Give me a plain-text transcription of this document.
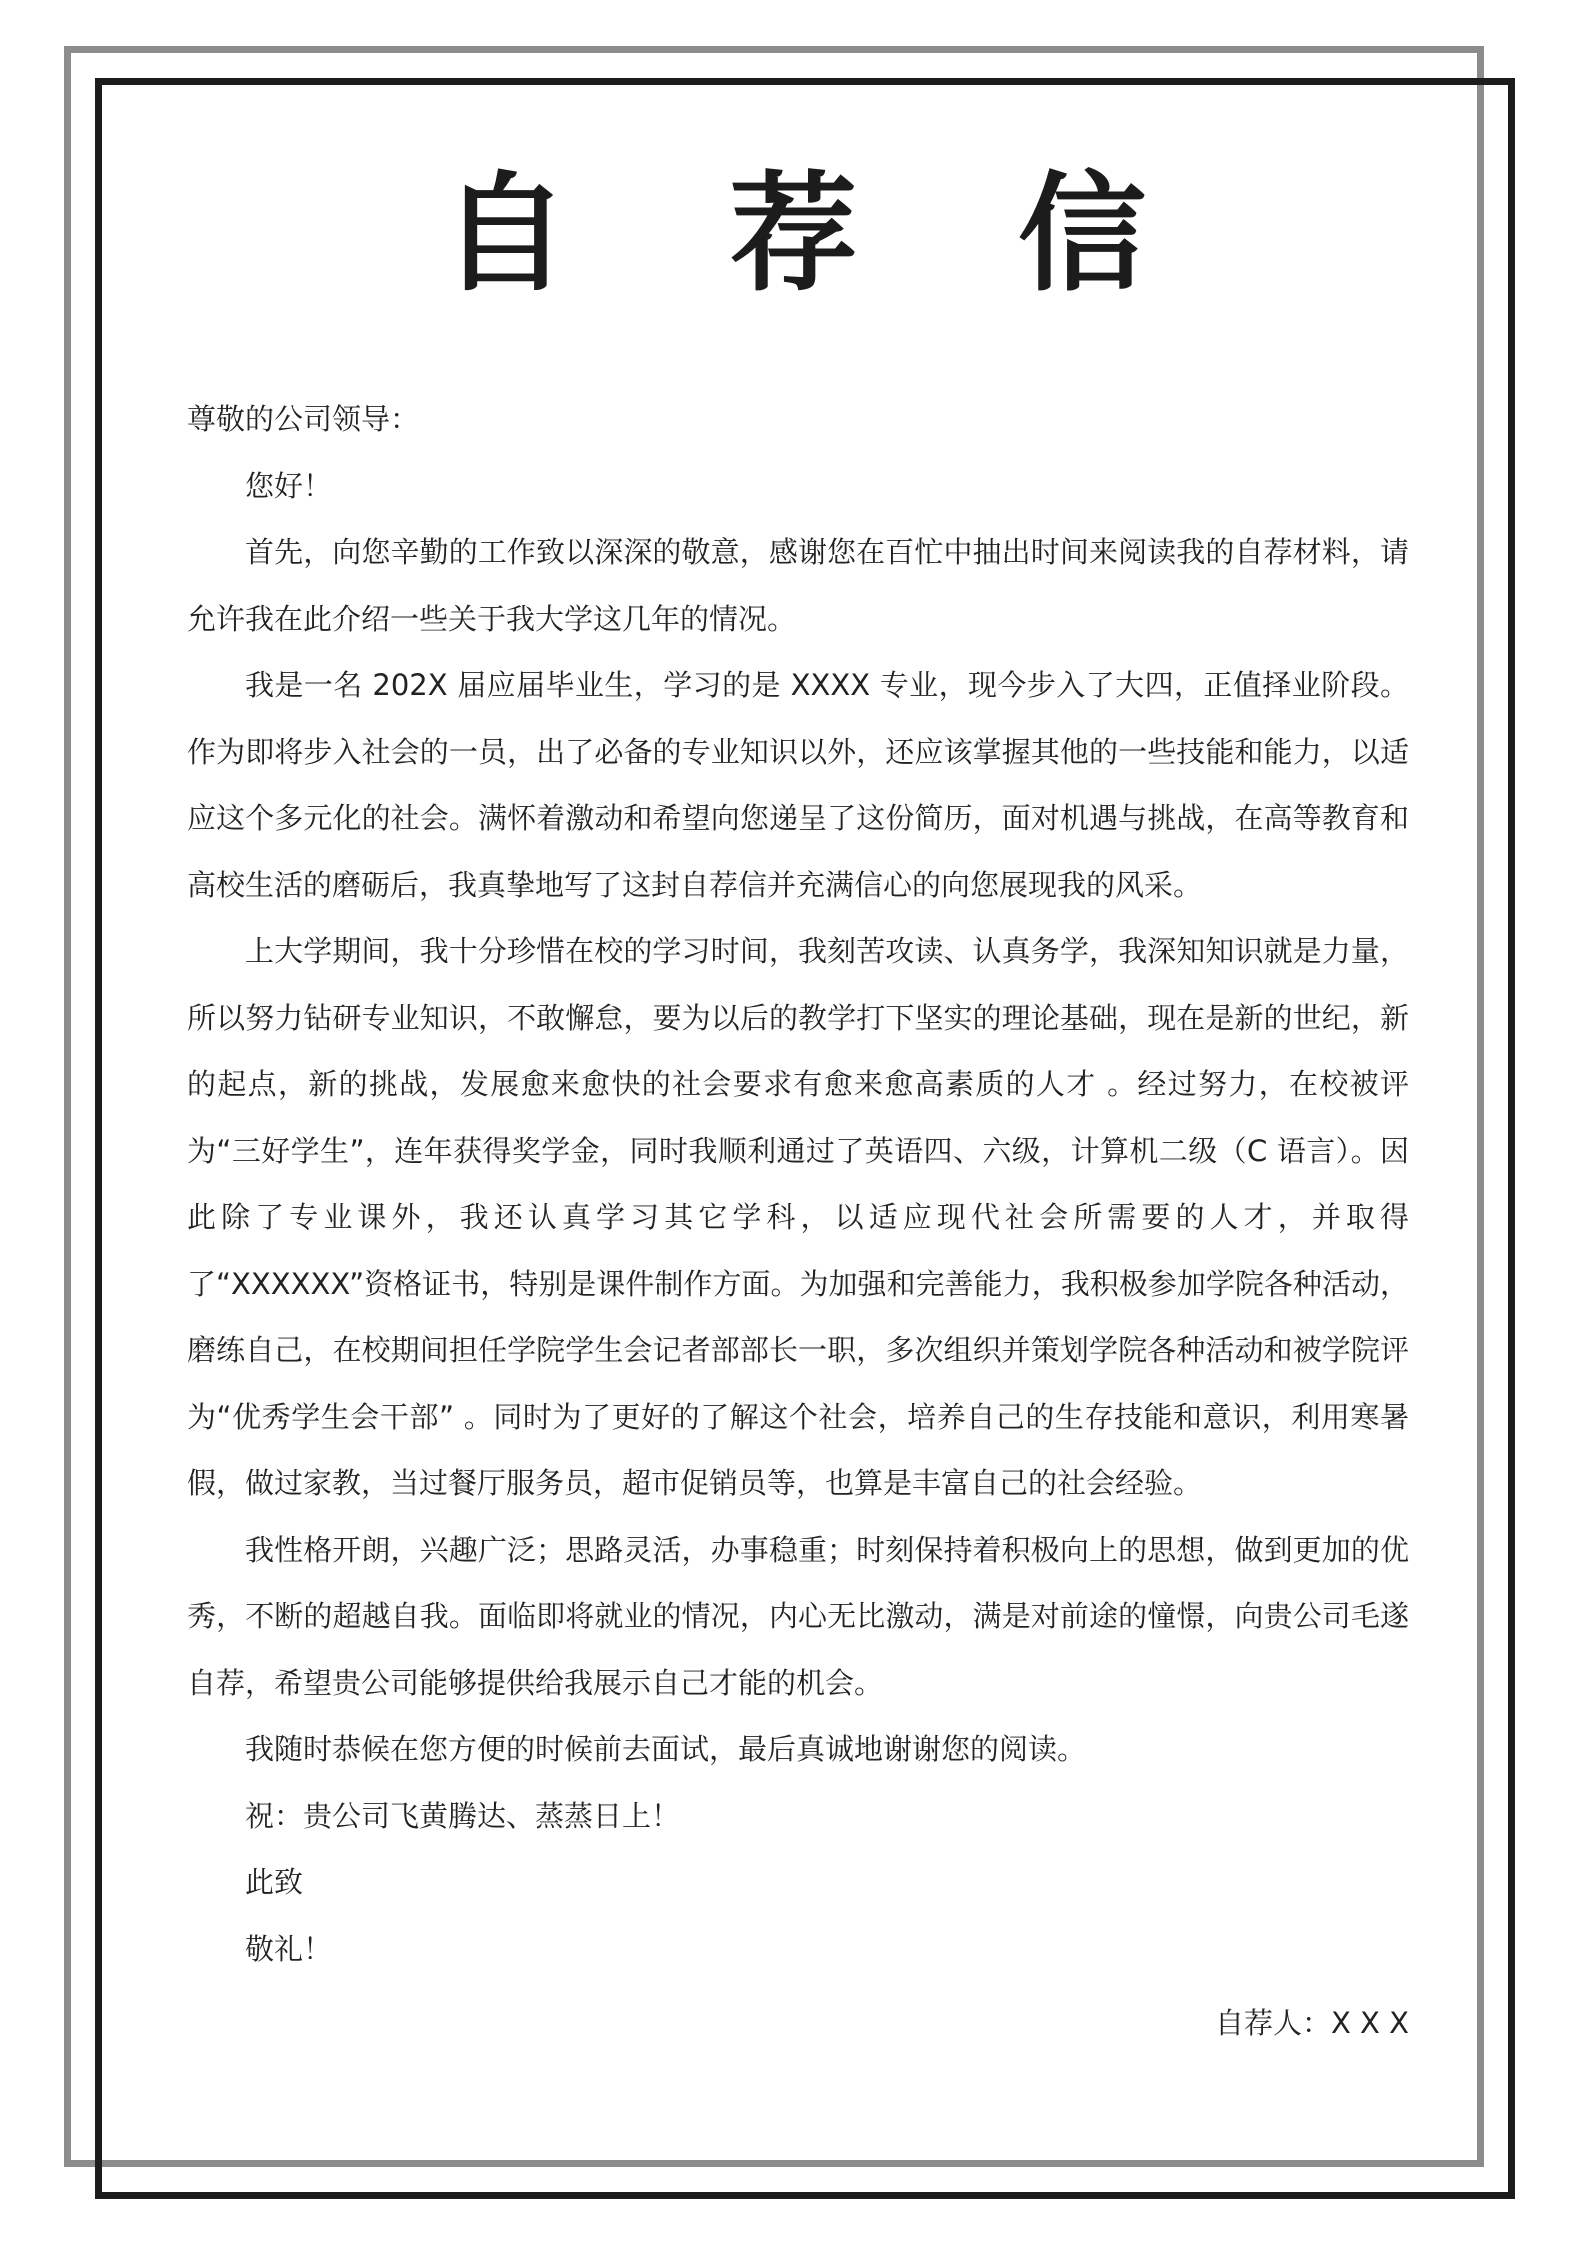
自 荐 信

尊敬的公司领导：

您好！

首先，向您辛勤的工作致以深深的敬意，感谢您在百忙中抽出时间来阅读我的自荐材料，请允许我在此介绍一些关于我大学这几年的情况。

我是一名 202X 届应届毕业生，学习的是 XXXX 专业，现今步入了大四，正值择业阶段。作为即将步入社会的一员，出了必备的专业知识以外，还应该掌握其他的一些技能和能力，以适应这个多元化的社会。满怀着激动和希望向您递呈了这份简历，面对机遇与挑战，在高等教育和高校生活的磨砺后，我真挚地写了这封自荐信并充满信心的向您展现我的风采。

上大学期间，我十分珍惜在校的学习时间，我刻苦攻读、认真务学，我深知知识就是力量，所以努力钻研专业知识，不敢懈怠，要为以后的教学打下坚实的理论基础，现在是新的世纪，新的起点，新的挑战，发展愈来愈快的社会要求有愈来愈高素质的人才 。经过努力，在校被评为“三好学生”，连年获得奖学金，同时我顺利通过了英语四、六级，计算机二级（C 语言）。因此除了专业课外，我还认真学习其它学科，以适应现代社会所需要的人才，并取得了“XXXXXX”资格证书，特别是课件制作方面。为加强和完善能力，我积极参加学院各种活动，磨练自己，在校期间担任学院学生会记者部部长一职，多次组织并策划学院各种活动和被学院评为“优秀学生会干部” 。同时为了更好的了解这个社会，培养自己的生存技能和意识，利用寒暑假，做过家教，当过餐厅服务员，超市促销员等，也算是丰富自己的社会经验。

我性格开朗，兴趣广泛；思路灵活，办事稳重；时刻保持着积极向上的思想，做到更加的优秀，不断的超越自我。面临即将就业的情况，内心无比激动，满是对前途的憧憬，向贵公司毛遂自荐，希望贵公司能够提供给我展示自己才能的机会。

我随时恭候在您方便的时候前去面试，最后真诚地谢谢您的阅读。

祝：贵公司飞黄腾达、蒸蒸日上！

此致

敬礼！

自荐人：X X X
